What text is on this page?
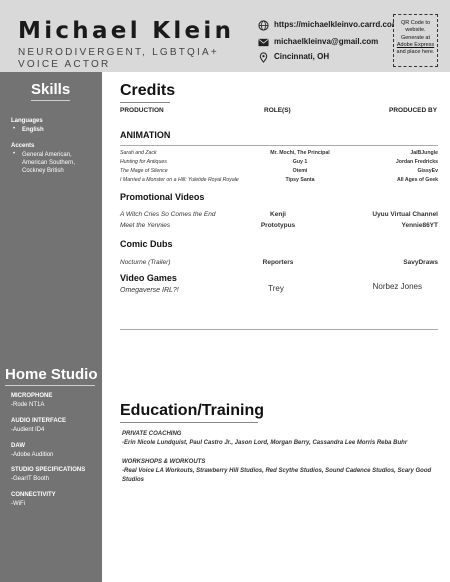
Michael Klein
NEURODIVERGENT, LGBTQIA+ VOICE ACTOR
https://michaelkleinvo.carrd.co/
michaelkleinva@gmail.com
Cincinnati, OH
QR Code to website. Generate at
Adobe Express
and place here.
Skills
Languages
• English
Accents
• General American, American Southern, Cockney British
Home Studio
MICROPHONE
-Rode NT1A
AUDIO INTERFACE
-Audient ID4
DAW
-Adobe Audition
STUDIO SPECIFICATIONS
-GearIT Booth
CONNECTIVITY
-WiFi
Credits
PRODUCTION	ROLE(S)	PRODUCED BY
ANIMATION
Sarah and Zack	Mr. Mochi, The Principal	JaiBJungle
Hunting for Antiques	Guy 1	Jordan Fredricks
The Mage of Silence	Otemi	GissyEv
I Married a Monster on a Hill: Yuletide Royal Royale	Tipsy Santa	All Ages of Geek
Promotional Videos
A Witch Cries So Comes the End	Kenji	Uyuu Virtual Channel
Meet the Yennies	Prototypus	Yennie86YT
Comic Dubs
Nocturne (Trailer)	Reporters	SavyDraws
Video Games
Omegaverse IRL?!	Trey	Norbez Jones
Education/Training
PRIVATE COACHING
-Erin Nicole Lundquist, Paul Castro Jr., Jason Lord, Morgan Berry, Cassandra Lee Morris Reba Buhr
WORKSHOPS & WORKOUTS
-Real Voice LA Workouts, Strawberry Hill Studios, Red Scythe Studios, Sound Cadence Studios, Scary Good Studios
